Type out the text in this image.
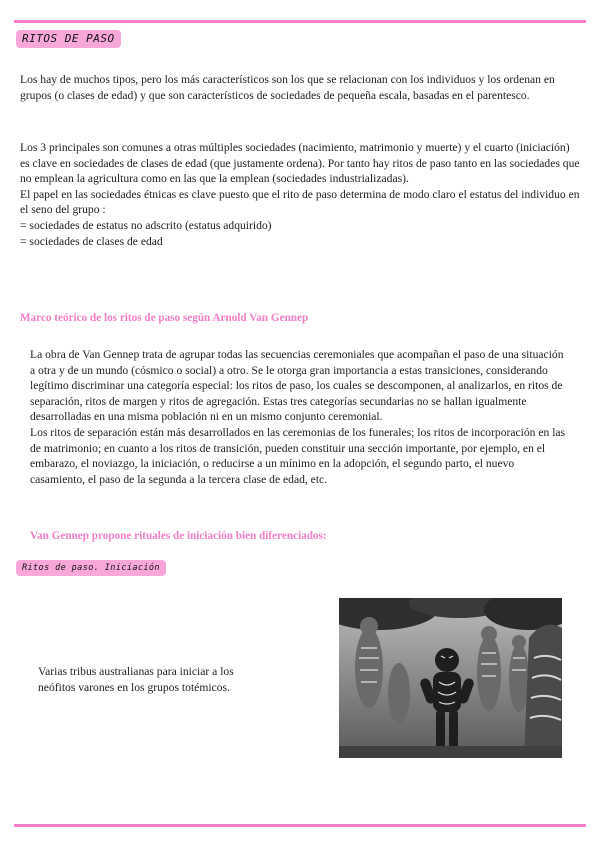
RITOS DE PASO

Los hay de muchos tipos, pero los más característicos son los que se relacionan con los individuos y los ordenan en grupos (o clases de edad) y que son característicos de sociedades de pequeña escala, basadas en el parentesco.

Los 3 principales son comunes a otras múltiples sociedades (nacimiento, matrimonio y muerte) y el cuarto (iniciación) es clave en sociedades de clases de edad (que justamente ordena). Por tanto hay ritos de paso tanto en las sociedades que no emplean la agricultura como en las que la emplean (sociedades industrializadas).

El papel en las sociedades étnicas es clave puesto que el rito de paso determina de modo claro el estatus del individuo en el seno del grupo :

= sociedades de estatus no adscrito (estatus adquirido)
= sociedades de clases de edad
Marco teórico de los ritos de paso según Arnold Van Gennep

La obra de Van Gennep trata de agrupar todas las secuencias ceremoniales que acompañan el paso de una situación a otra y de un mundo (cósmico o social) a otro. Se le otorga gran importancia a estas transiciones, considerando legítimo discriminar una categoría especial: los ritos de paso, los cuales se descomponen, al analizarlos, en ritos de separación, ritos de margen y ritos de agregación. Estas tres categorías secundarias no se hallan igualmente desarrolladas en una misma población ni en un mismo conjunto ceremonial.

Los ritos de separación están más desarrollados en las ceremonias de los funerales; los ritos de incorporación en las de matrimonio; en cuanto a los ritos de transición, pueden constituir una sección importante, por ejemplo, en el embarazo, el noviazgo, la iniciación, o reducirse a un mínimo en la adopción, el segundo parto, el nuevo casamiento, el paso de la segunda a la tercera clase de edad, etc.

Van Gennep propone rituales de iniciación bien diferenciados:
Ritos de paso. Iniciación

Varias tribus australianas para iniciar a los neófitos varones en los grupos totémicos.
